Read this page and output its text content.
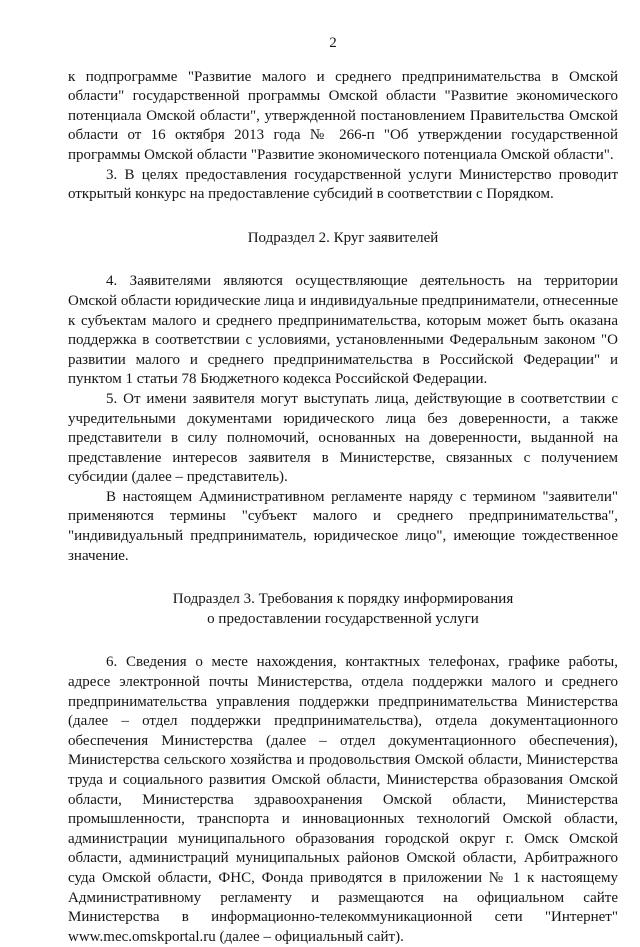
2

к подпрограмме "Развитие малого и среднего предпринимательства в Омской области" государственной программы Омской области "Развитие экономического потенциала Омской области", утвержденной постановлением Правительства Омской области от 16 октября 2013 года № 266-п "Об утверждении государственной программы Омской области "Развитие экономического потенциала Омской области".

3. В целях предоставления государственной услуги Министерство проводит открытый конкурс на предоставление субсидий в соответствии с Порядком.

Подраздел 2. Круг заявителей

4. Заявителями являются осуществляющие деятельность на территории Омской области юридические лица и индивидуальные предприниматели, отнесенные к субъектам малого и среднего предпринимательства, которым может быть оказана поддержка в соответствии с условиями, установленными Федеральным законом "О развитии малого и среднего предпринимательства в Российской Федерации" и пунктом 1 статьи 78 Бюджетного кодекса Российской Федерации.

5. От имени заявителя могут выступать лица, действующие в соответствии с учредительными документами юридического лица без доверенности, а также представители в силу полномочий, основанных на доверенности, выданной на представление интересов заявителя в Министерстве, связанных с получением субсидии (далее – представитель).

В настоящем Административном регламенте наряду с термином "заявители" применяются термины "субъект малого и среднего предпринимательства", "индивидуальный предприниматель, юридическое лицо", имеющие тождественное значение.

Подраздел 3. Требования к порядку информирования
о предоставлении государственной услуги

6. Сведения о месте нахождения, контактных телефонах, графике работы, адресе электронной почты Министерства, отдела поддержки малого и среднего предпринимательства управления поддержки предпринимательства Министерства (далее – отдел поддержки предпринимательства), отдела документационного обеспечения Министерства (далее – отдел документационного обеспечения), Министерства сельского хозяйства и продовольствия Омской области, Министерства труда и социального развития Омской области, Министерства образования Омской области, Министерства здравоохранения Омской области, Министерства промышленности, транспорта и инновационных технологий Омской области, администрации муниципального образования городской округ г. Омск Омской области, администраций муниципальных районов Омской области, Арбитражного суда Омской области, ФНС, Фонда приводятся в приложении № 1 к настоящему Административному регламенту и размещаются на официальном сайте Министерства в информационно-телекоммуникационной сети "Интернет" www.mec.omskportal.ru (далее – официальный сайт).
